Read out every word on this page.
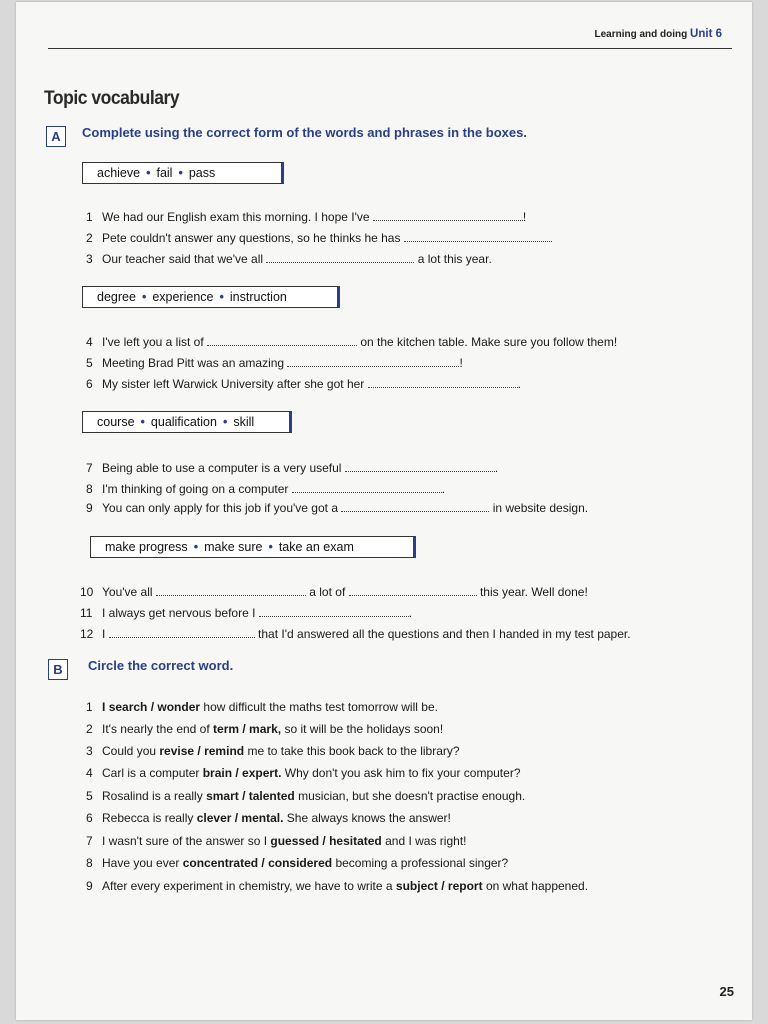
Learning and doing Unit 6
Topic vocabulary
A	Complete using the correct form of the words and phrases in the boxes.
achieve • fail • pass
1 We had our English exam this morning. I hope I've	!
2 Pete couldn't answer any questions, so he thinks he has
3 Our teacher said that we've all	a lot this year.
degree • experience • instruction
4 I've left you a list of	on the kitchen table. Make sure you follow them!
5 Meeting Brad Pitt was an amazing	!
6 My sister left Warwick University after she got her	.
course • qualification • skill
7 Being able to use a computer is a very useful	.
8 I'm thinking of going on a computer	.
9 You can only apply for this job if you've got a	in website design.
make progress • make sure • take an exam
10 You've all	a lot of	this year. Well done!
11 I always get nervous before I	.
12 I	that I'd answered all the questions and then I handed in my test paper.
B	Circle the correct word.
1 I search / wonder how difficult the maths test tomorrow will be.
2 It's nearly the end of term / mark, so it will be the holidays soon!
3 Could you revise / remind me to take this book back to the library?
4 Carl is a computer brain / expert. Why don't you ask him to fix your computer?
5 Rosalind is a really smart / talented musician, but she doesn't practise enough.
6 Rebecca is really clever / mental. She always knows the answer!
7 I wasn't sure of the answer so I guessed / hesitated and I was right!
8 Have you ever concentrated / considered becoming a professional singer?
9 After every experiment in chemistry, we have to write a subject / report on what happened.
25
